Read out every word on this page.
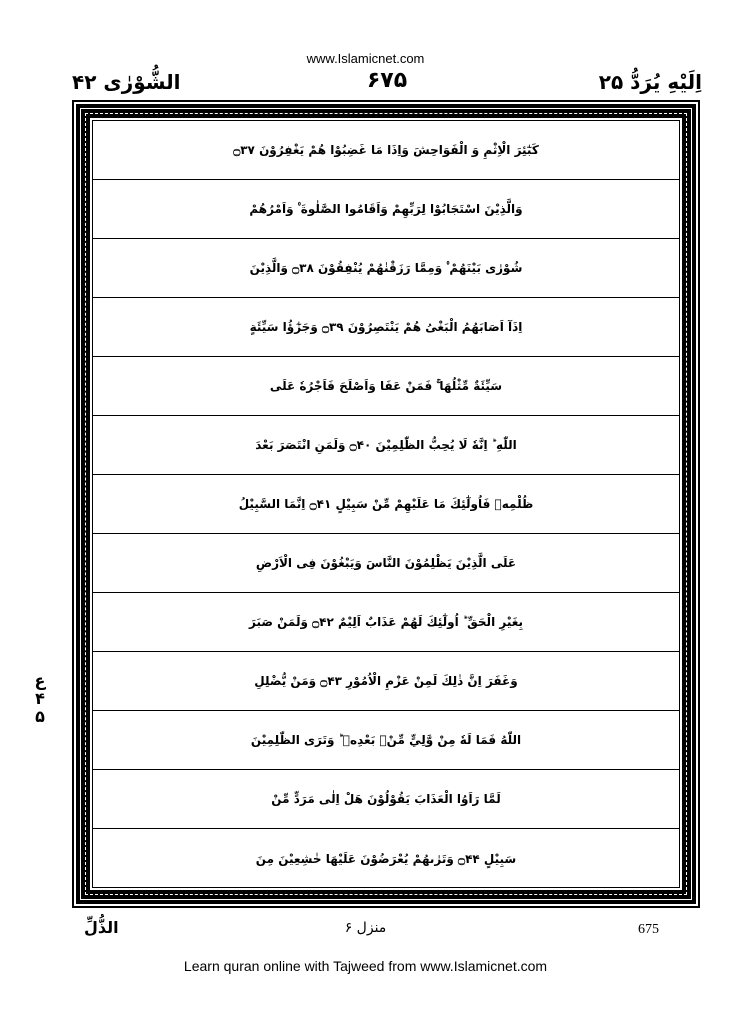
www.Islamicnet.com
الشُّوْرٰى ۴۲	۶۷۵	اِلَيْهِ يُرَدُّ ۲۵
كَبٰٓئِرَ الْاِثْمِ وَ الْفَوَاحِشَ وَاِذَا مَا غَضِبُوْا هُمْ يَغْفِرُوْنَ ۝۳۷
وَالَّذِيْنَ اسْتَجَابُوْا لِرَبِّهِمْ وَاَقَامُوا الصَّلٰوةَ ۠ وَاَمْرُهُمْ
شُوْرٰى بَيْنَهُمْ ۠ وَمِمَّا رَزَقْنٰهُمْ يُنْفِقُوْنَ ۝۳۸ وَالَّذِيْنَ
اِذَآ اَصَابَهُمُ الْبَغْىُ هُمْ يَنْتَصِرُوْنَ ۝۳۹ وَجَزٰٓؤُا سَيِّئَةٍ
سَيِّئَةٌ مِّثْلُهَا ۚ فَمَنْ عَفَا وَاَصْلَحَ فَاَجْرُهٗ عَلَى
اللّٰهِ ؕ اِنَّهٗ لَا يُحِبُّ الظّٰلِمِيْنَ ۝۴۰ وَلَمَنِ انْتَصَرَ بَعْدَ
ظُلْمِهٖ فَاُولٰٓئِكَ مَا عَلَيْهِمْ مِّنْ سَبِيْلٍ ۝۴۱ اِنَّمَا السَّبِيْلُ
عَلَى الَّذِيْنَ يَظْلِمُوْنَ النَّاسَ وَيَبْغُوْنَ فِى الْاَرْضِ
بِغَيْرِ الْحَقِّ ؕ اُولٰٓئِكَ لَهُمْ عَذَابٌ اَلِيْمٌ ۝۴۲ وَلَمَنْ صَبَرَ
وَغَفَرَ اِنَّ ذٰلِكَ لَمِنْ عَزْمِ الْاُمُوْرِ ۝۴۳ وَمَنْ يُّضْلِلِ
اللّٰهُ فَمَا لَهٗ مِنْ وَّلِيٍّ مِّنْۢ بَعْدِهٖ ؕ وَتَرَى الظّٰلِمِيْنَ
لَمَّا رَاَوُا الْعَذَابَ يَقُوْلُوْنَ هَلْ اِلٰى مَرَدٍّ مِّنْ
سَبِيْلٍ ۝۴۴ وَتَرٰىهُمْ يُعْرَضُوْنَ عَلَيْهَا خٰشِعِيْنَ مِنَ
ع ۴ ۵
الذُّلِّ	منزل ۶	675
Learn quran online with Tajweed from www.Islamicnet.com
